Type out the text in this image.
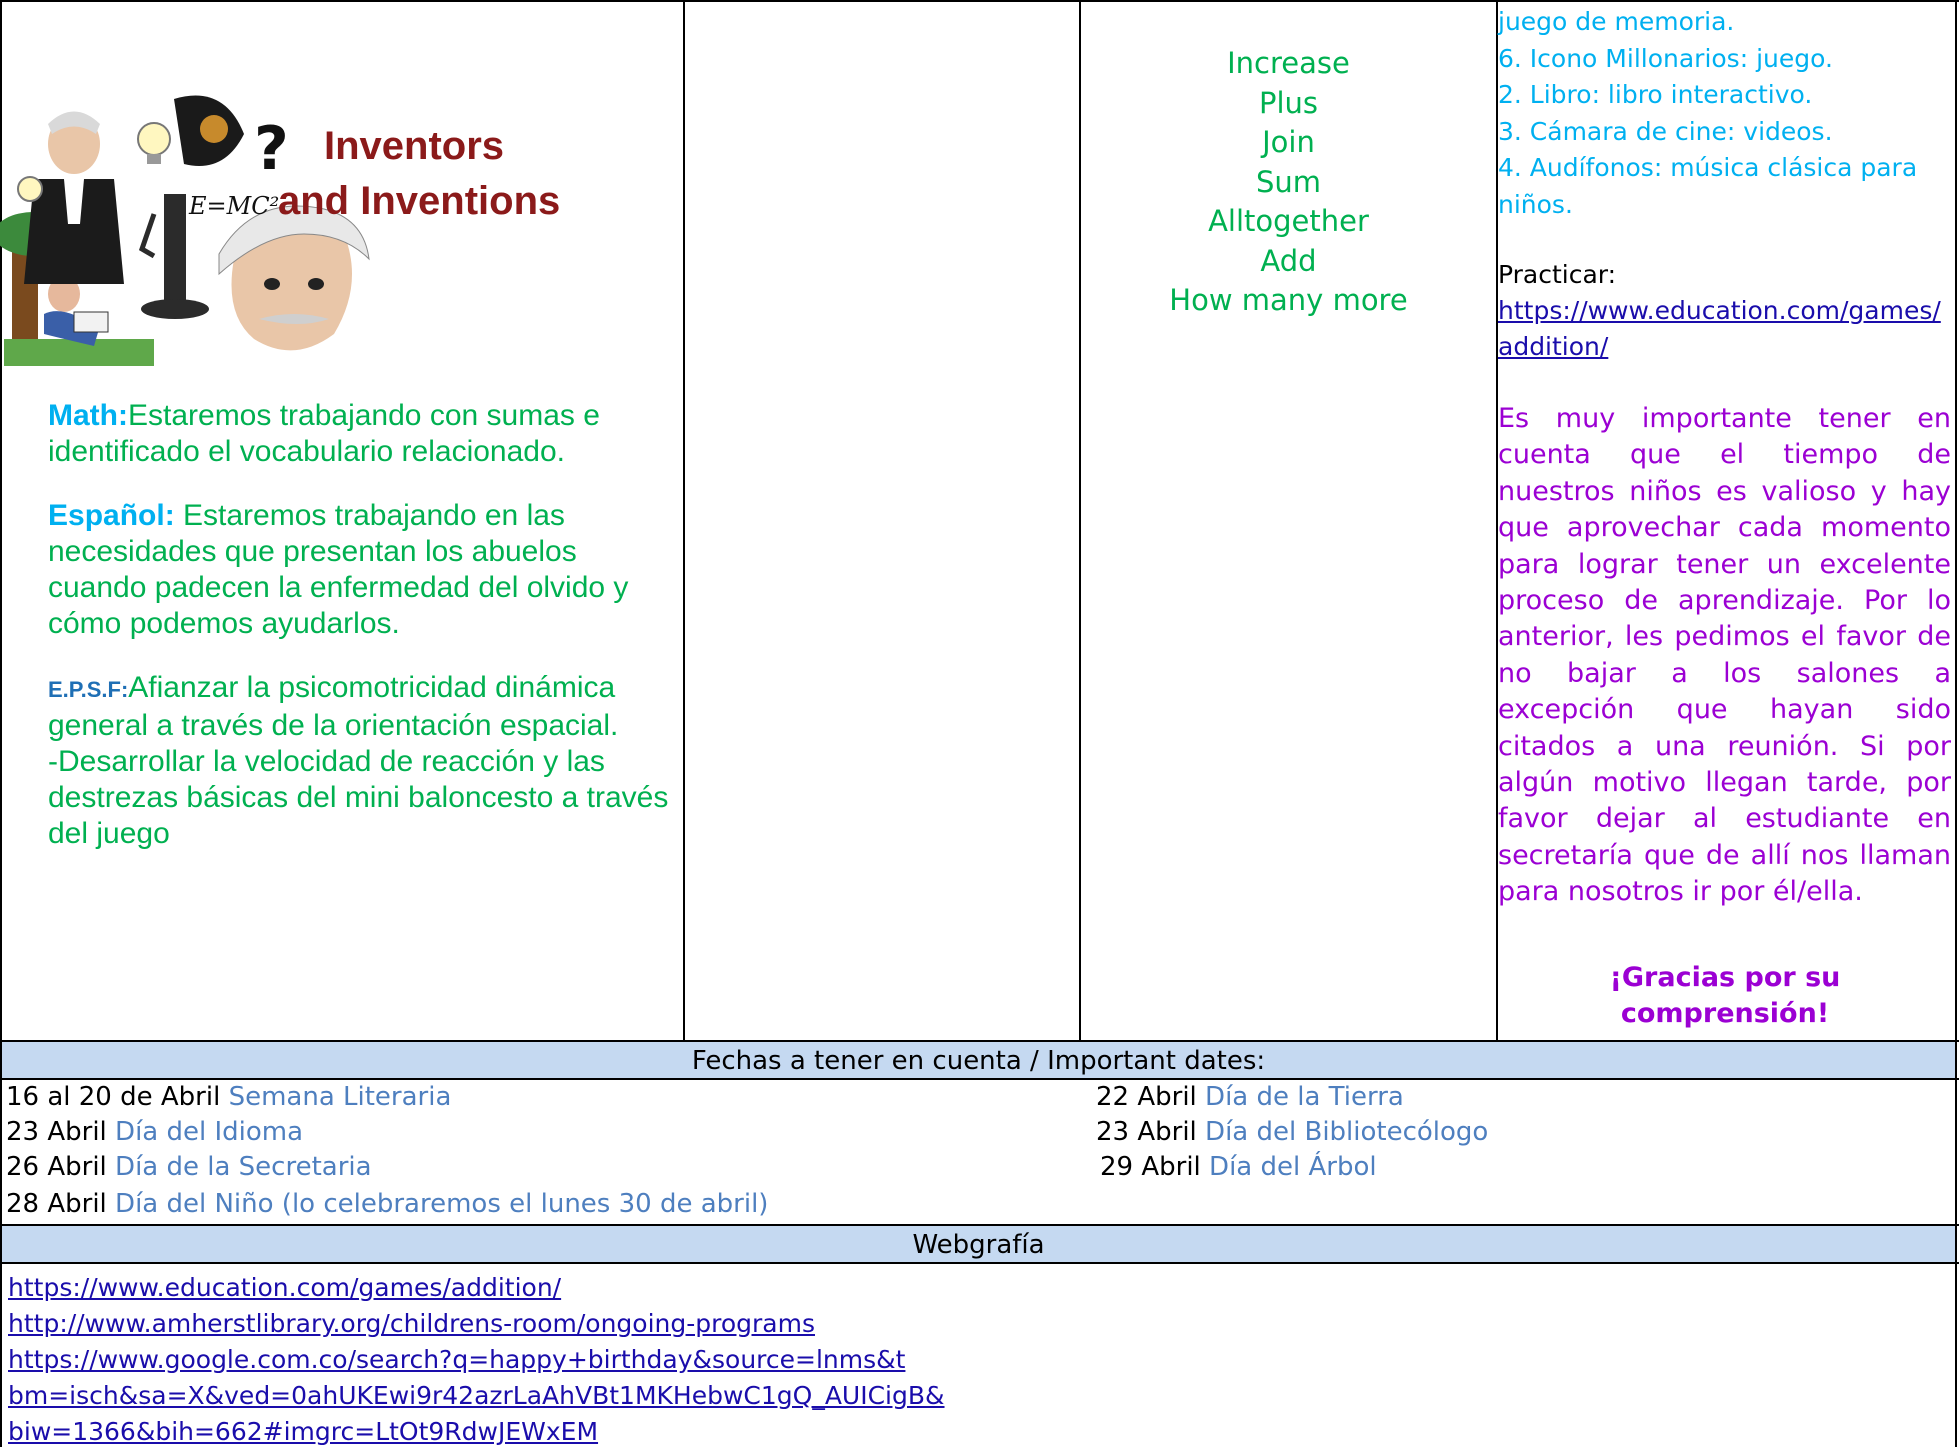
?
E=MC²
Inventors
and Inventions
Math:Estaremos trabajando con sumas e identificado el vocabulario relacionado.
Español: Estaremos trabajando en las necesidades que presentan los abuelos cuando padecen la enfermedad del olvido y cómo podemos ayudarlos.
E.P.S.F:Afianzar la psicomotricidad dinámica general a través de la orientación espacial.
-Desarrollar la velocidad de reacción y las destrezas básicas del mini baloncesto a través del juego
Increase
Plus
Join
Sum
Alltogether
Add
How many more
juego de memoria.
6. Icono Millonarios: juego.
2. Libro: libro interactivo.
3. Cámara de cine: videos.
4. Audífonos: música clásica para niños.
Practicar:
https://www.education.com/games/addition/
Es muy importante tener en cuenta que el tiempo de nuestros niños es valioso y hay que aprovechar cada momento para lograr tener un excelente proceso de aprendizaje. Por lo anterior, les pedimos el favor de no bajar a los salones a excepción que hayan sido citados a una reunión. Si por algún motivo llegan tarde, por favor dejar al estudiante en secretaría que de allí nos llaman para nosotros ir por él/ella.
¡Gracias por su comprensión!
Fechas a tener en cuenta / Important dates:
16 al 20 de Abril Semana Literaria
23 Abril Día del Idioma
26 Abril Día de la Secretaria
28 Abril Día del Niño (lo celebraremos el lunes 30 de abril)
22 Abril Día de la Tierra
23 Abril Día del Bibliotecólogo
29 Abril Día del Árbol
Webgrafía
https://www.education.com/games/addition/
http://www.amherstlibrary.org/childrens-room/ongoing-programs
https://www.google.com.co/search?q=happy+birthday&source=lnms&t
bm=isch&sa=X&ved=0ahUKEwi9r42azrLaAhVBt1MKHebwC1gQ_AUICigB&
biw=1366&bih=662#imgrc=LtOt9RdwJEWxEM
